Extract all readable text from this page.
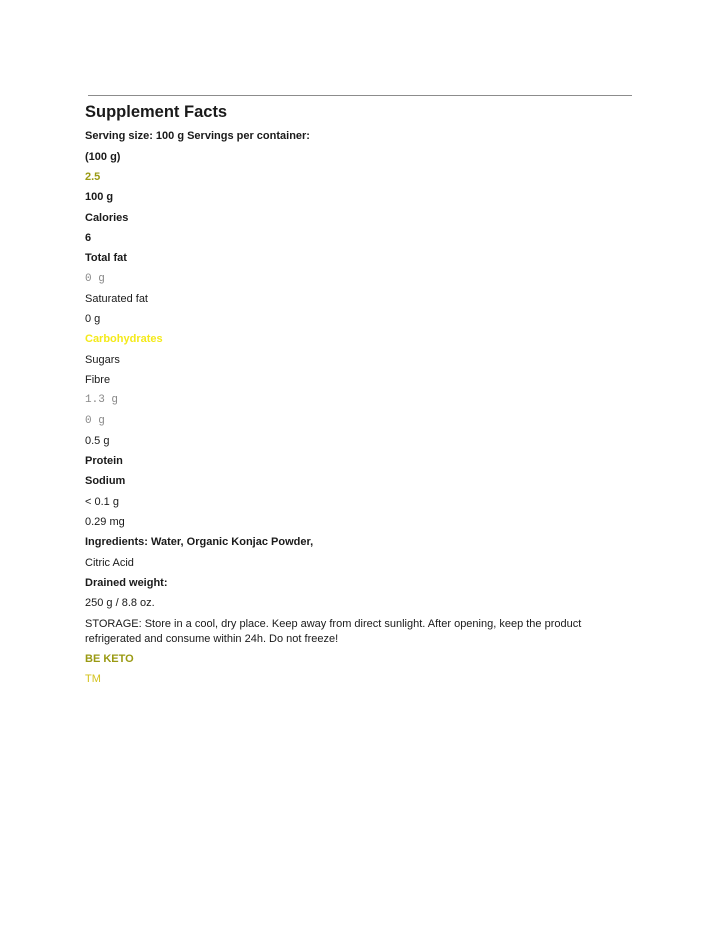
Supplement Facts
Serving size: 100 g Servings per container:
(100 g)
2.5
100 g
Calories
6
Total fat
0 g
Saturated fat
0 g
Carbohydrates
Sugars
Fibre
1.3 g
0 g
0.5 g
Protein
Sodium
< 0.1 g
0.29 mg
Ingredients: Water, Organic Konjac Powder,
Citric Acid
Drained weight:
250 g / 8.8 oz.
STORAGE: Store in a cool, dry place. Keep away from direct sunlight. After opening, keep the product refrigerated and consume within 24h. Do not freeze!
BE KETO
TM
